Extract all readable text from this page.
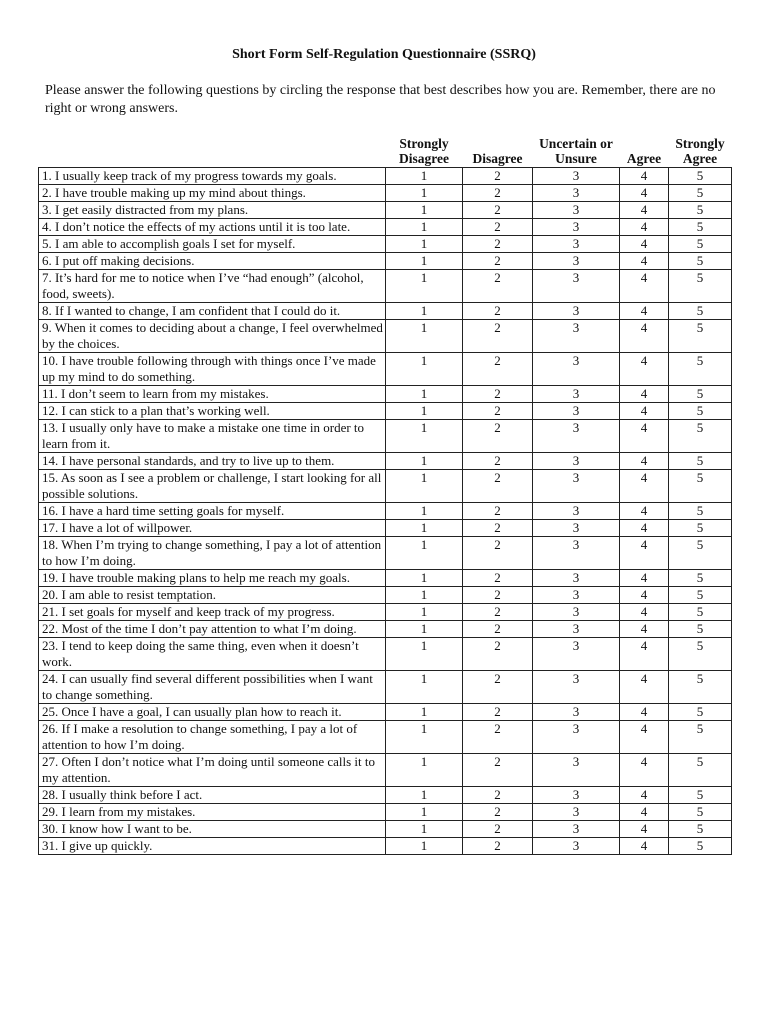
Short Form Self-Regulation Questionnaire (SSRQ)
Please answer the following questions by circling the response that best describes how you are. Remember, there are no right or wrong answers.
	Strongly
Disagree	Disagree	Uncertain or
Unsure	Agree	Strongly
Agree
1. I usually keep track of my progress towards my goals.	1	2	3	4	5
2. I have trouble making up my mind about things.	1	2	3	4	5
3. I get easily distracted from my plans.	1	2	3	4	5
4. I don’t notice the effects of my actions until it is too late.	1	2	3	4	5
5. I am able to accomplish goals I set for myself.	1	2	3	4	5
6. I put off making decisions.	1	2	3	4	5
7. It’s hard for me to notice when I’ve “had enough” (alcohol, food, sweets).	1	2	3	4	5
8. If I wanted to change, I am confident that I could do it.	1	2	3	4	5
9. When it comes to deciding about a change, I feel overwhelmed by the choices.	1	2	3	4	5
10. I have trouble following through with things once I’ve made up my mind to do something.	1	2	3	4	5
11. I don’t seem to learn from my mistakes.	1	2	3	4	5
12. I can stick to a plan that’s working well.	1	2	3	4	5
13. I usually only have to make a mistake one time in order to learn from it.	1	2	3	4	5
14. I have personal standards, and try to live up to them.	1	2	3	4	5
15. As soon as I see a problem or challenge, I start looking for all possible solutions.	1	2	3	4	5
16. I have a hard time setting goals for myself.	1	2	3	4	5
17. I have a lot of willpower.	1	2	3	4	5
18. When I’m trying to change something, I pay a lot of attention to how I’m doing.	1	2	3	4	5
19. I have trouble making plans to help me reach my goals.	1	2	3	4	5
20. I am able to resist temptation.	1	2	3	4	5
21. I set goals for myself and keep track of my progress.	1	2	3	4	5
22. Most of the time I don’t pay attention to what I’m doing.	1	2	3	4	5
23. I tend to keep doing the same thing, even when it doesn’t work.	1	2	3	4	5
24. I can usually find several different possibilities when I want to change something.	1	2	3	4	5
25. Once I have a goal, I can usually plan how to reach it.	1	2	3	4	5
26. If I make a resolution to change something, I pay a lot of attention to how I’m doing.	1	2	3	4	5
27. Often I don’t notice what I’m doing until someone calls it to my attention.	1	2	3	4	5
28. I usually think before I act.	1	2	3	4	5
29. I learn from my mistakes.	1	2	3	4	5
30. I know how I want to be.	1	2	3	4	5
31. I give up quickly.	1	2	3	4	5
